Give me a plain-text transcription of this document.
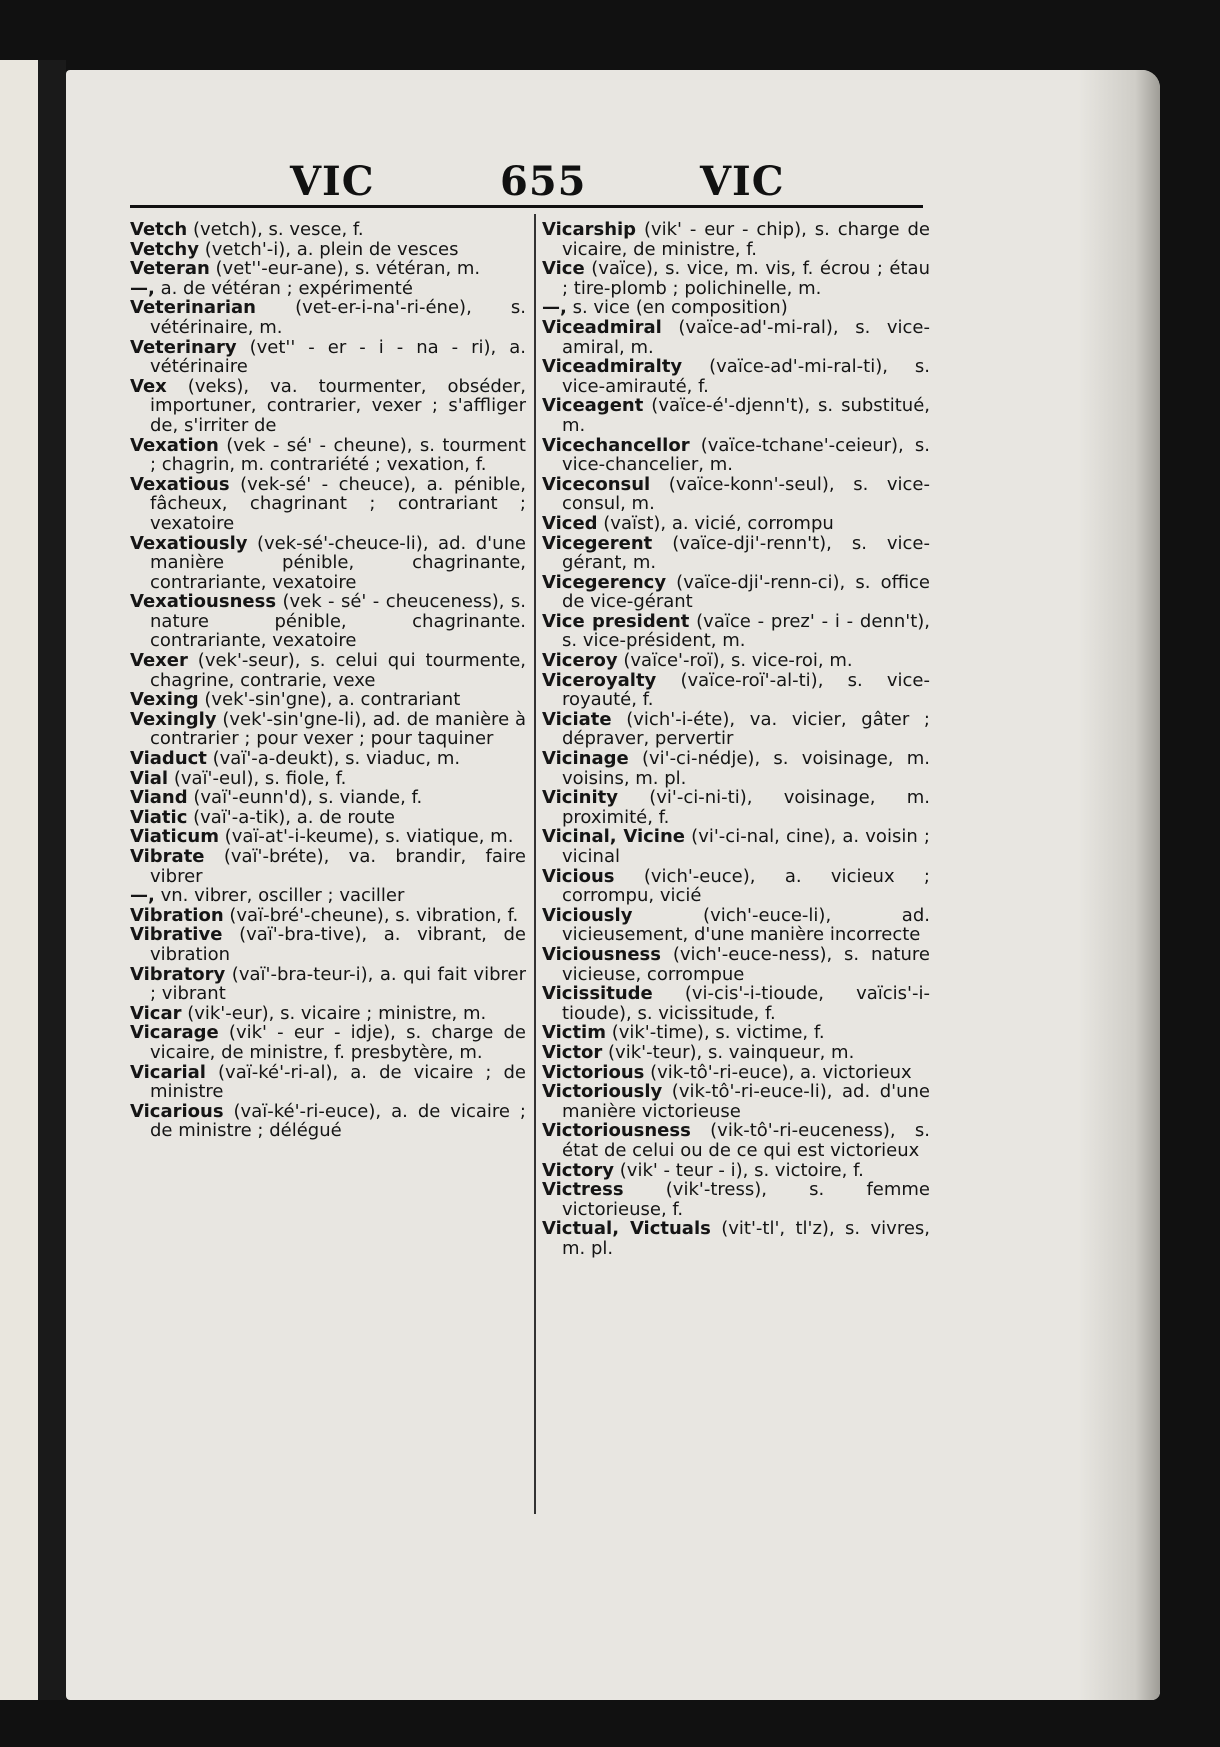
VIC	655	VIC

Vetch (vetch), s. vesce, f.

Vetchy (vetch'-i), a. plein de vesces

Veteran (vet''-eur-ane), s. vétéran, m.

—, a. de vétéran ; expérimenté

Veterinarian (vet-er-i-na'-ri-éne), s. vétérinaire, m.

Veterinary (vet'' - er - i - na - ri), a. vétérinaire

Vex (veks), va. tourmenter, obséder, importuner, contrarier, vexer ; s'affliger de, s'irriter de

Vexation (vek - sé' - cheune), s. tourment ; chagrin, m. contrariété ; vexation, f.

Vexatious (vek-sé' - cheuce), a. pénible, fâcheux, chagrinant ; contrariant ; vexatoire

Vexatiously (vek-sé'-cheuce-li), ad. d'une manière pénible, chagrinante, contrariante, vexatoire

Vexatiousness (vek - sé' - cheuceness), s. nature pénible, chagrinante. contrariante, vexatoire

Vexer (vek'-seur), s. celui qui tourmente, chagrine, contrarie, vexe

Vexing (vek'-sin'gne), a. contrariant

Vexingly (vek'-sin'gne-li), ad. de manière à contrarier ; pour vexer ; pour taquiner

Viaduct (vaï'-a-deukt), s. viaduc, m.

Vial (vaï'-eul), s. fiole, f.

Viand (vaï'-eunn'd), s. viande, f.

Viatic (vaï'-a-tik), a. de route

Viaticum (vaï-at'-i-keume), s. viatique, m.

Vibrate (vaï'-bréte), va. brandir, faire vibrer

—, vn. vibrer, osciller ; vaciller

Vibration (vaï-bré'-cheune), s. vibration, f.

Vibrative (vaï'-bra-tive), a. vibrant, de vibration

Vibratory (vaï'-bra-teur-i), a. qui fait vibrer ; vibrant

Vicar (vik'-eur), s. vicaire ; ministre, m.

Vicarage (vik' - eur - idje), s. charge de vicaire, de ministre, f. presbytère, m.

Vicarial (vaï-ké'-ri-al), a. de vicaire ; de ministre

Vicarious (vaï-ké'-ri-euce), a. de vicaire ; de ministre ; délégué

Vicarship (vik' - eur - chip), s. charge de vicaire, de ministre, f.

Vice (vaïce), s. vice, m. vis, f. écrou ; étau ; tire-plomb ; polichinelle, m.

—, s. vice (en composition)

Viceadmiral (vaïce-ad'-mi-ral), s. vice-amiral, m.

Viceadmiralty (vaïce-ad'-mi-ral-ti), s. vice-amirauté, f.

Viceagent (vaïce-é'-djenn't), s. substitué, m.

Vicechancellor (vaïce-tchane'-ceieur), s. vice-chancelier, m.

Viceconsul (vaïce-konn'-seul), s. vice-consul, m.

Viced (vaïst), a. vicié, corrompu

Vicegerent (vaïce-dji'-renn't), s. vice-gérant, m.

Vicegerency (vaïce-dji'-renn-ci), s. office de vice-gérant

Vice president (vaïce - prez' - i - denn't), s. vice-président, m.

Viceroy (vaïce'-roï), s. vice-roi, m.

Viceroyalty (vaïce-roï'-al-ti), s. vice-royauté, f.

Viciate (vich'-i-éte), va. vicier, gâter ; dépraver, pervertir

Vicinage (vi'-ci-nédje), s. voisinage, m. voisins, m. pl.

Vicinity (vi'-ci-ni-ti), voisinage, m. proximité, f.

Vicinal, Vicine (vi'-ci-nal, cine), a. voisin ; vicinal

Vicious (vich'-euce), a. vicieux ; corrompu, vicié

Viciously (vich'-euce-li), ad. vicieusement, d'une manière incorrecte

Viciousness (vich'-euce-ness), s. nature vicieuse, corrompue

Vicissitude (vi-cis'-i-tioude, vaïcis'-i-tioude), s. vicissitude, f.

Victim (vik'-time), s. victime, f.

Victor (vik'-teur), s. vainqueur, m.

Victorious (vik-tô'-ri-euce), a. victorieux

Victoriously (vik-tô'-ri-euce-li), ad. d'une manière victorieuse

Victoriousness (vik-tô'-ri-euceness), s. état de celui ou de ce qui est victorieux

Victory (vik' - teur - i), s. victoire, f.

Victress (vik'-tress), s. femme victorieuse, f.

Victual, Victuals (vit'-tl', tl'z), s. vivres, m. pl.
